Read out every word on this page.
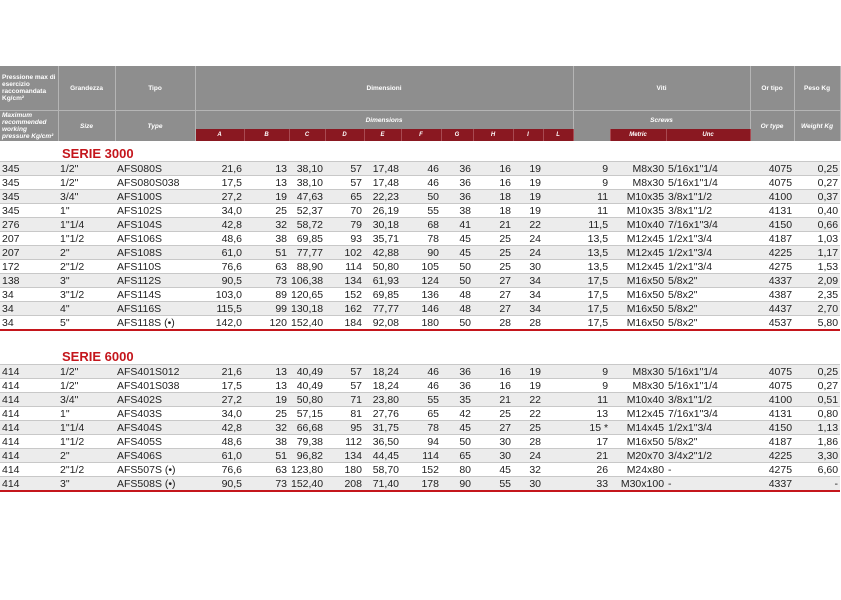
Pressione max di esercizio raccomandata Kg/cm²	Grandezza	Tipo	Dimensioni										Viti			Or tipo	Peso Kg
Maximum recommended working pressure Kg/cm²	Size	Type	Dimensions										Screws			Or type	Weight Kg
			A	B	C	D	E	F	G	H	I	L		Metric	Unc		
SERIE 3000																	
345	1/2"	AFS080S	21,6	13	38,10	57	17,48	46	36	16	19	9		M8x30	5/16x1"1/4	4075	0,25
345	1/2"	AFS080S038	17,5	13	38,10	57	17,48	46	36	16	19	9		M8x30	5/16x1"1/4	4075	0,27
345	3/4"	AFS100S	27,2	19	47,63	65	22,23	50	36	18	19	11		M10x35	3/8x1"1/2	4100	0,37
345	1"	AFS102S	34,0	25	52,37	70	26,19	55	38	18	19	11		M10x35	3/8x1"1/2	4131	0,40
276	1"1/4	AFS104S	42,8	32	58,72	79	30,18	68	41	21	22	11,5		M10x40	7/16x1"3/4	4150	0,66
207	1"1/2	AFS106S	48,6	38	69,85	93	35,71	78	45	25	24	13,5		M12x45	1/2x1"3/4	4187	1,03
207	2"	AFS108S	61,0	51	77,77	102	42,88	90	45	25	24	13,5		M12x45	1/2x1"3/4	4225	1,17
172	2"1/2	AFS110S	76,6	63	88,90	114	50,80	105	50	25	30	13,5		M12x45	1/2x1"3/4	4275	1,53
138	3"	AFS112S	90,5	73	106,38	134	61,93	124	50	27	34	17,5		M16x50	5/8x2"	4337	2,09
34	3"1/2	AFS114S	103,0	89	120,65	152	69,85	136	48	27	34	17,5		M16x50	5/8x2"	4387	2,35
34	4"	AFS116S	115,5	99	130,18	162	77,77	146	48	27	34	17,5		M16x50	5/8x2"	4437	2,70
34	5"	AFS118S (•)	142,0	120	152,40	184	92,08	180	50	28	28	17,5		M16x50	5/8x2"	4537	5,80

SERIE 6000																	
414	1/2"	AFS401S012	21,6	13	40,49	57	18,24	46	36	16	19	9		M8x30	5/16x1"1/4	4075	0,25
414	1/2"	AFS401S038	17,5	13	40,49	57	18,24	46	36	16	19	9		M8x30	5/16x1"1/4	4075	0,27
414	3/4"	AFS402S	27,2	19	50,80	71	23,80	55	35	21	22	11		M10x40	3/8x1"1/2	4100	0,51
414	1"	AFS403S	34,0	25	57,15	81	27,76	65	42	25	22	13		M12x45	7/16x1"3/4	4131	0,80
414	1"1/4	AFS404S	42,8	32	66,68	95	31,75	78	45	27	25	15 *		M14x45	1/2x1"3/4	4150	1,13
414	1"1/2	AFS405S	48,6	38	79,38	112	36,50	94	50	30	28	17		M16x50	5/8x2"	4187	1,86
414	2"	AFS406S	61,0	51	96,82	134	44,45	114	65	30	24	21		M20x70	3/4x2"1/2	4225	3,30
414	2"1/2	AFS507S (•)	76,6	63	123,80	180	58,70	152	80	45	32	26		M24x80	-	4275	6,60
414	3"	AFS508S (•)	90,5	73	152,40	208	71,40	178	90	55	30	33		M30x100	-	4337	-
